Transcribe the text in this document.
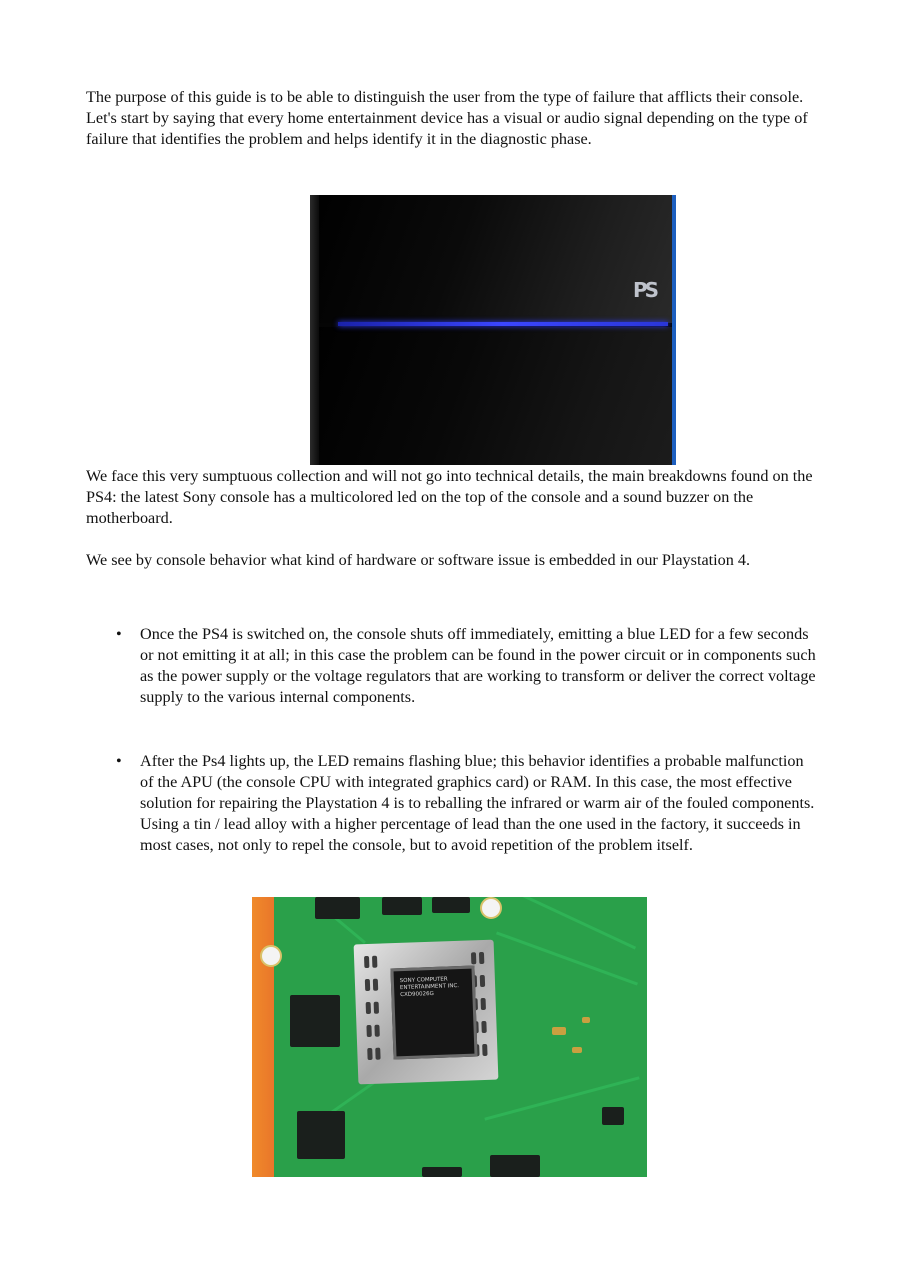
The purpose of this guide is to be able to distinguish the user from the type of failure that afflicts their console. Let's start by saying that every home entertainment device has a visual or audio signal depending on the type of failure that identifies the problem and helps identify it in the diagnostic phase.

PS

We face this very sumptuous collection and will not go into technical details, the main breakdowns found on the PS4: the latest Sony console has a multicolored led on the top of the console and a sound buzzer on the motherboard.

We see by console behavior what kind of hardware or software issue is embedded in our Playstation 4.

• Once the PS4 is switched on, the console shuts off immediately, emitting a blue LED for a few seconds or not emitting it at all; in this case the problem can be found in the power circuit or in components such as the power supply or the voltage regulators that are working to transform or deliver the correct voltage supply to the various internal components.
• After the Ps4 lights up, the LED remains flashing blue; this behavior identifies a probable malfunction of the APU (the console CPU with integrated graphics card) or RAM. In this case, the most effective solution for repairing the Playstation 4 is to reballing the infrared or warm air of the fouled components. Using a tin / lead alloy with a higher percentage of lead than the one used in the factory, it succeeds in most cases, not only to repel the console, but to avoid repetition of the problem itself.
SONY COMPUTER ENTERTAINMENT INC. CXD90026G
